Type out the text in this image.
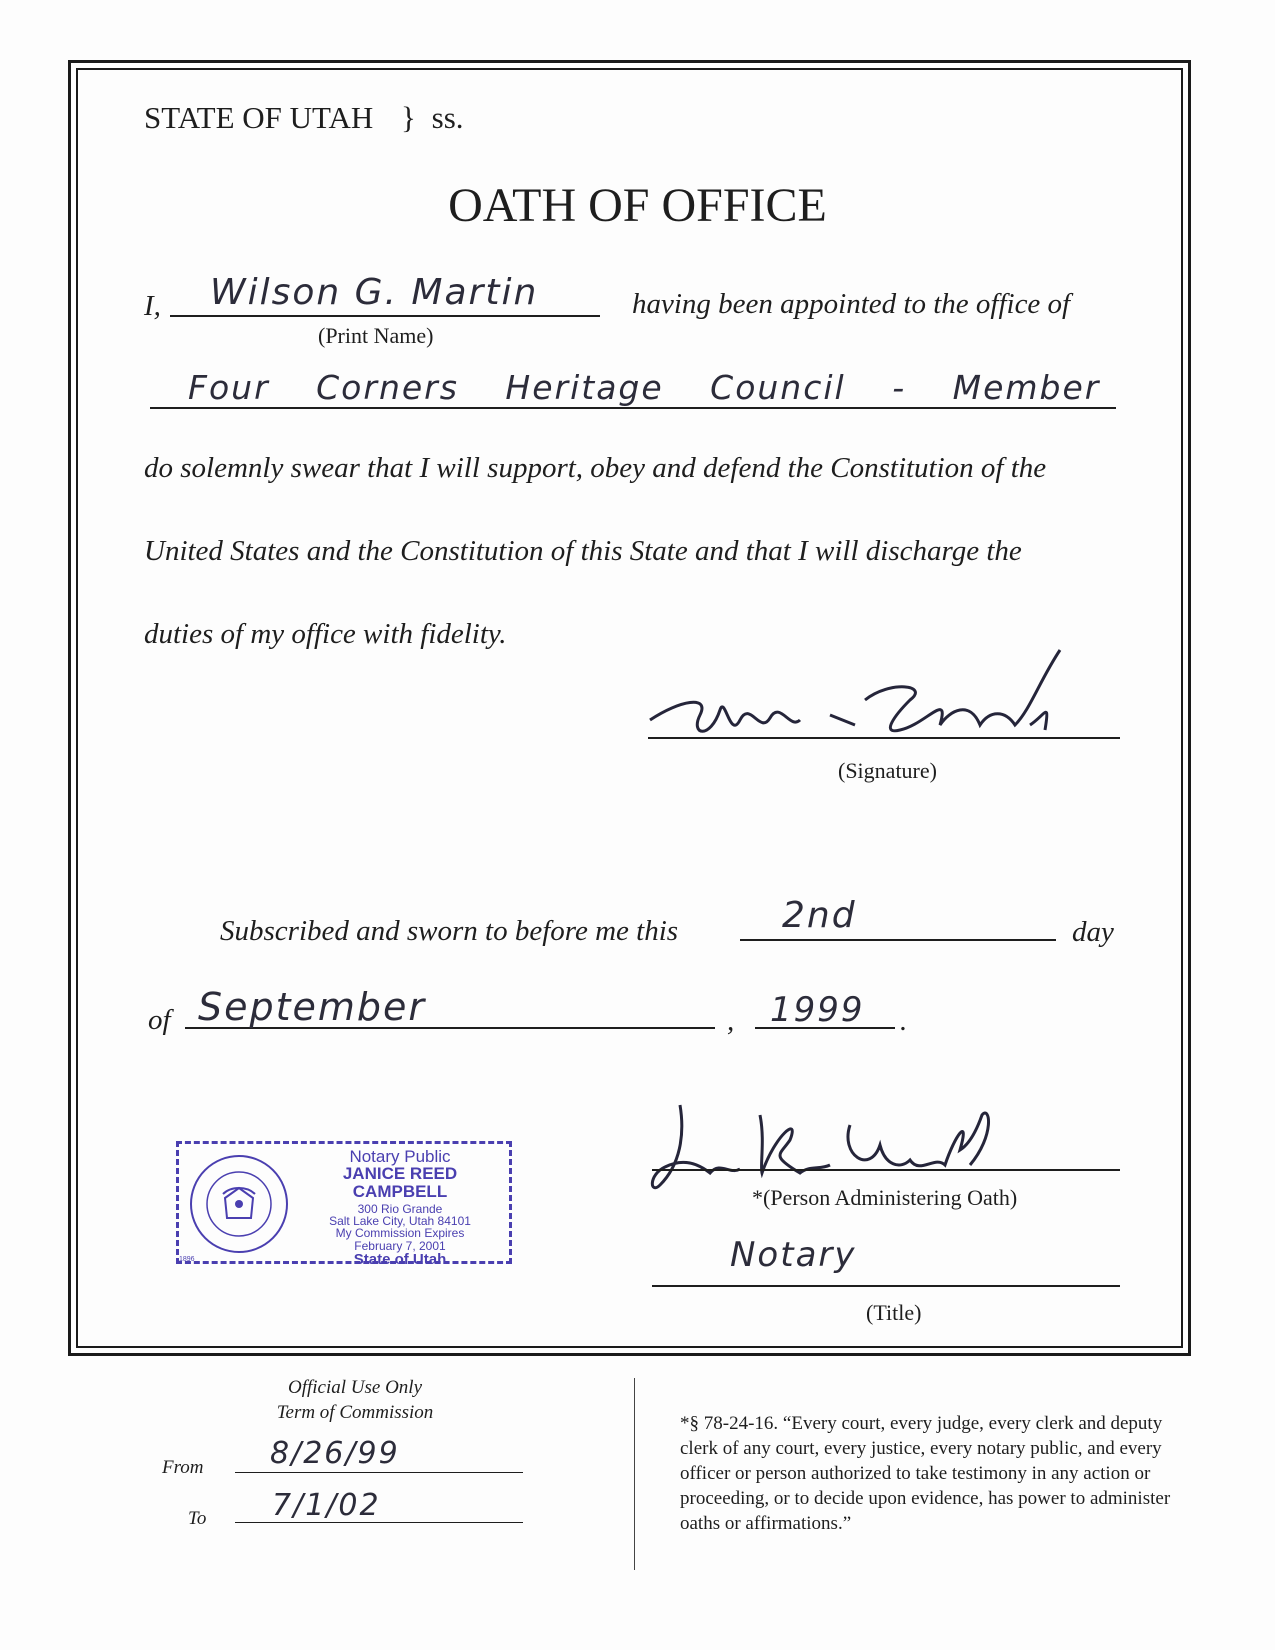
STATE OF UTAH } ss.
OATH OF OFFICE
I, Wilson G. Martin
(Print Name)
having been appointed to the office of
Four Corners Heritage Council - Member
do solemnly swear that I will support, obey and defend the Constitution of the
United States and the Constitution of this State and that I will discharge the
duties of my office with fidelity.
(Signature)
Subscribed and sworn to before me this	2nd	day
of September	, 1999 .
1896
Notary Public
JANICE REED CAMPBELL
300 Rio Grande
Salt Lake City, Utah 84101
My Commission Expires
February 7, 2001
State of Utah
*(Person Administering Oath)
Notary
(Title)
Official Use Only
Term of Commission
From 8/26/99
To 7/1/02
*§ 78-24-16. “Every court, every judge, every clerk and deputy clerk of any court, every justice, every notary public, and every officer or person authorized to take testimony in any action or proceeding, or to decide upon evidence, has power to administer oaths or affirmations.”
